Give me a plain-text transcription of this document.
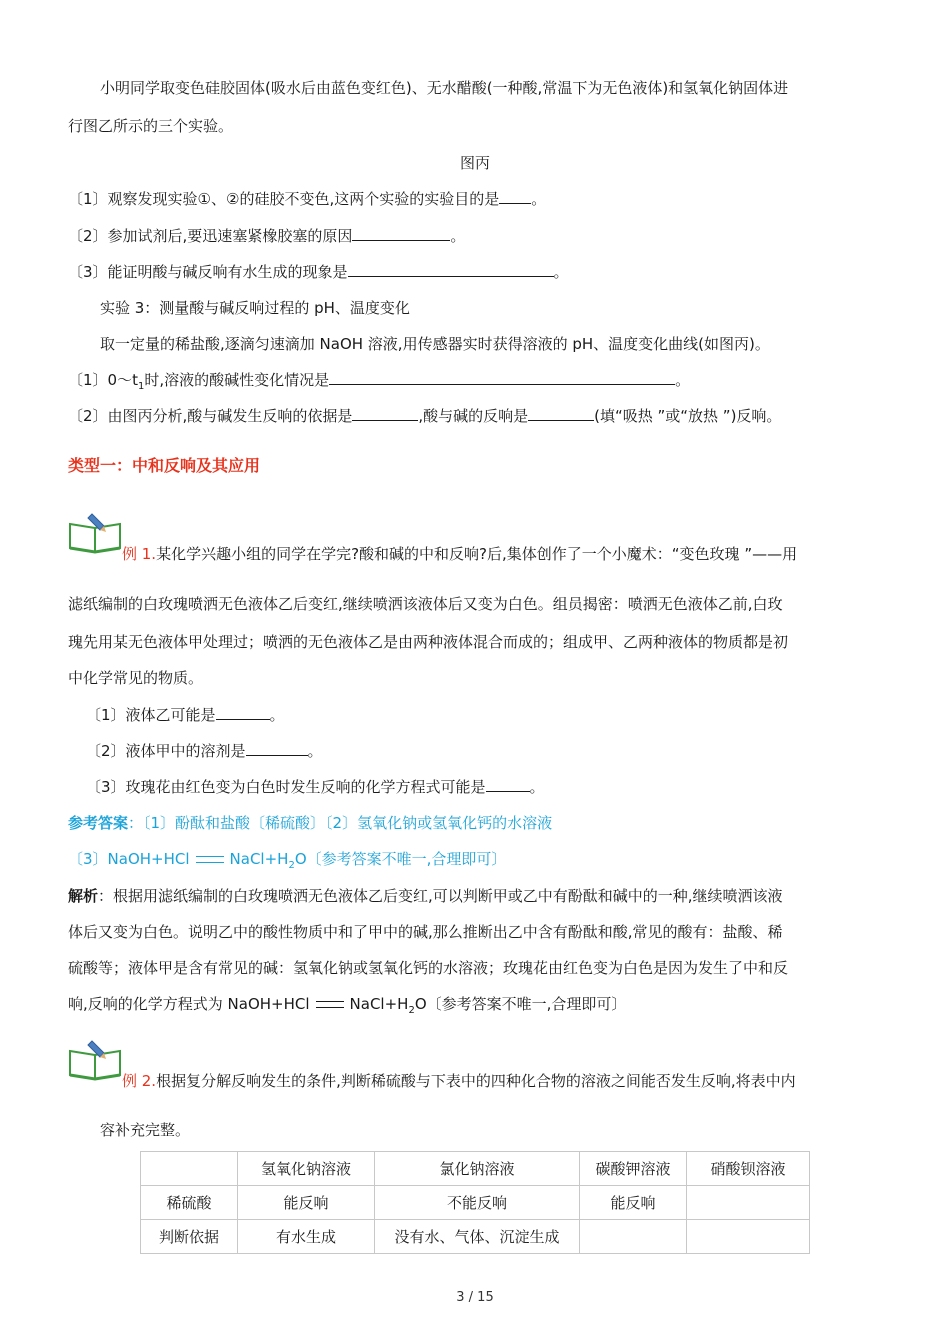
小明同学取变色硅胶固体(吸水后由蓝色变红色)、无水醋酸(一种酸,常温下为无色液体)和氢氧化钠固体进
行图乙所示的三个实验。
图丙
〔1〕观察发现实验①、②的硅胶不变色,这两个实验的实验目的是 。
〔2〕参加试剂后,要迅速塞紧橡胶塞的原因	。
〔3〕能证明酸与碱反响有水生成的现象是	。
实验 3：测量酸与碱反响过程的 pH、温度变化
取一定量的稀盐酸,逐滴匀速滴加 NaOH 溶液,用传感器实时获得溶液的 pH、温度变化曲线(如图丙)。
〔1〕$0\sim t_1$时,溶液的酸碱性变化情况是	。
〔2〕由图丙分析,酸与碱发生反响的依据是	,酸与碱的反响是	(填“吸热 ”或“放热 ”)反响。
类型一：中和反响及其应用
例 1.某化学兴趣小组的同学在学完?酸和碱的中和反响?后,集体创作了一个小魔术：“变色玫瑰 ”——用
滤纸编制的白玫瑰喷洒无色液体乙后变红,继续喷洒该液体后又变为白色。组员揭密：喷洒无色液体乙前,白玫
瑰先用某无色液体甲处理过；喷洒的无色液体乙是由两种液体混合而成的；组成甲、乙两种液体的物质都是初
中化学常见的物质。
〔1〕液体乙可能是	。
〔2〕液体甲中的溶剂是	。
〔3〕玫瑰花由红色变为白色时发生反响的化学方程式可能是	。
参考答案：〔1〕酚酞和盐酸〔稀硫酸〕〔2〕氢氧化钠或氢氧化钙的水溶液
〔3〕NaOH+HCl	$NaCl+H_2O$〔参考答案不唯一,合理即可〕
解析：根据用滤纸编制的白玫瑰喷洒无色液体乙后变红,可以判断甲或乙中有酚酞和碱中的一种,继续喷洒该液
体后又变为白色。说明乙中的酸性物质中和了甲中的碱,那么推断出乙中含有酚酞和酸,常见的酸有：盐酸、稀
硫酸等；液体甲是含有常见的碱：氢氧化钠或氢氧化钙的水溶液；玫瑰花由红色变为白色是因为发生了中和反
响,反响的化学方程式为 NaOH+HCl	$NaCl+H_2O$〔参考答案不唯一,合理即可〕
例 2.根据复分解反响发生的条件,判断稀硫酸与下表中的四种化合物的溶液之间能否发生反响,将表中内
容补充完整。
	氢氧化钠溶液	氯化钠溶液	碳酸钾溶液	硝酸钡溶液
稀硫酸	能反响	不能反响	能反响	
判断依据	有水生成	没有水、气体、沉淀生成		
3 / 15
